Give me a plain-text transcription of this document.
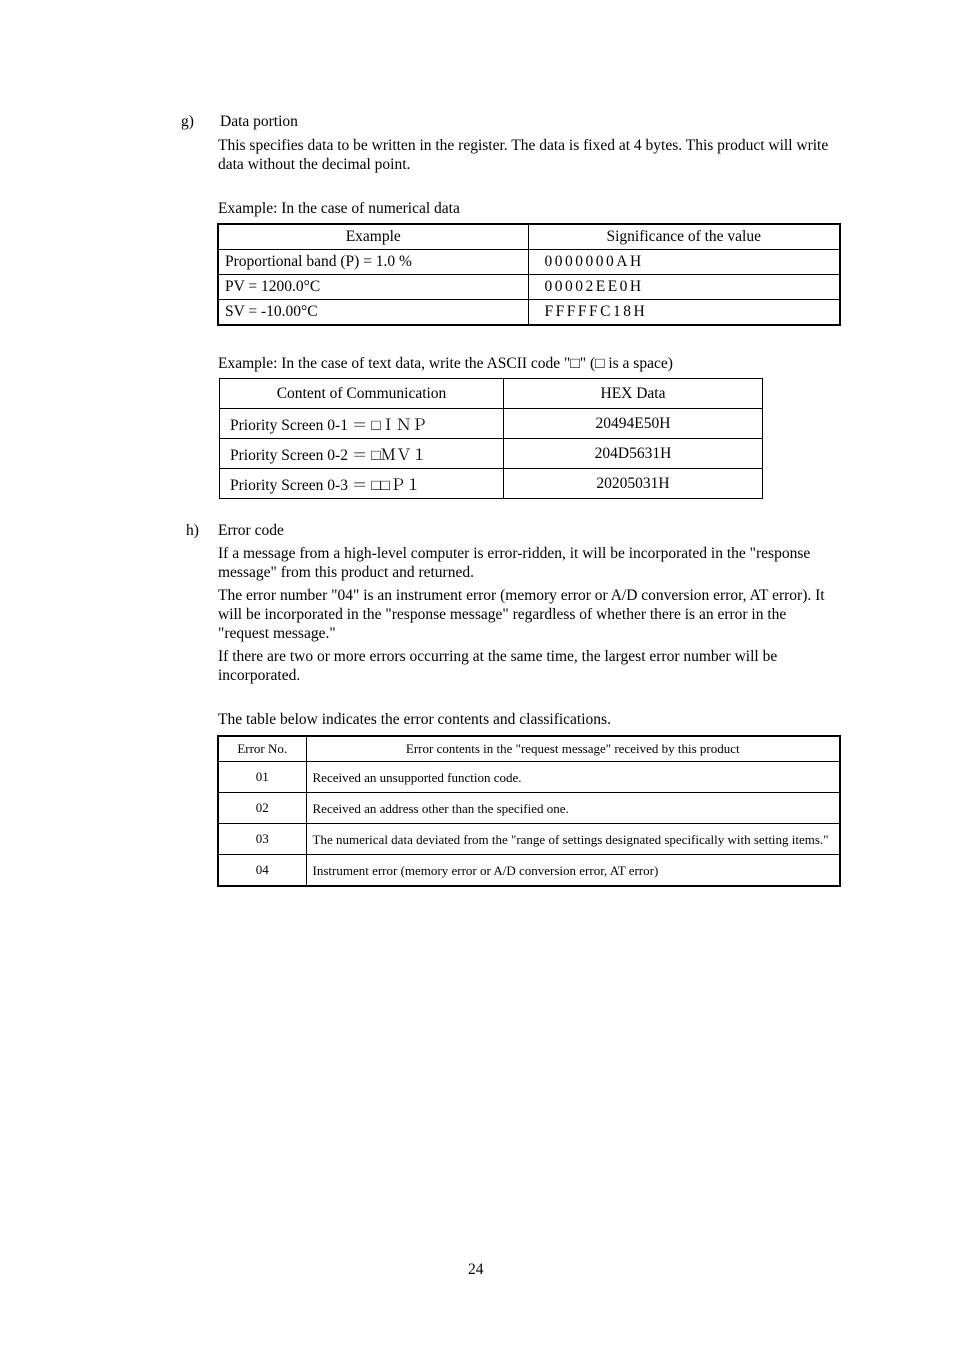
g) Data portion

This specifies data to be written in the register. The data is fixed at 4 bytes. This product will write data without the decimal point.

Example: In the case of numerical data
Example	Significance of the value
Proportional band (P) = 1.0 %	0000000AH
PV = 1200.0°C	00002EE0H
SV = -10.00°C	FFFFFC18H
Example: In the case of text data, write the ASCII code "□" (□ is a space)
Content of Communication	HEX Data
Priority Screen 0-1 ＝ □ＩＮＰ	20494E50H
Priority Screen 0-2 ＝ □ＭＶ１	204D5631H
Priority Screen 0-3 ＝ □□Ｐ１	20205031H
h) Error code

If a message from a high-level computer is error-ridden, it will be incorporated in the "response message" from this product and returned.

The error number "04" is an instrument error (memory error or A/D conversion error, AT error). It will be incorporated in the "response message" regardless of whether there is an error in the "request message."

If there are two or more errors occurring at the same time, the largest error number will be incorporated.

The table below indicates the error contents and classifications.
Error No.	Error contents in the "request message" received by this product
01	Received an unsupported function code.
02	Received an address other than the specified one.
03	The numerical data deviated from the "range of settings designated specifically with setting items."
04	Instrument error (memory error or A/D conversion error, AT error)
24
